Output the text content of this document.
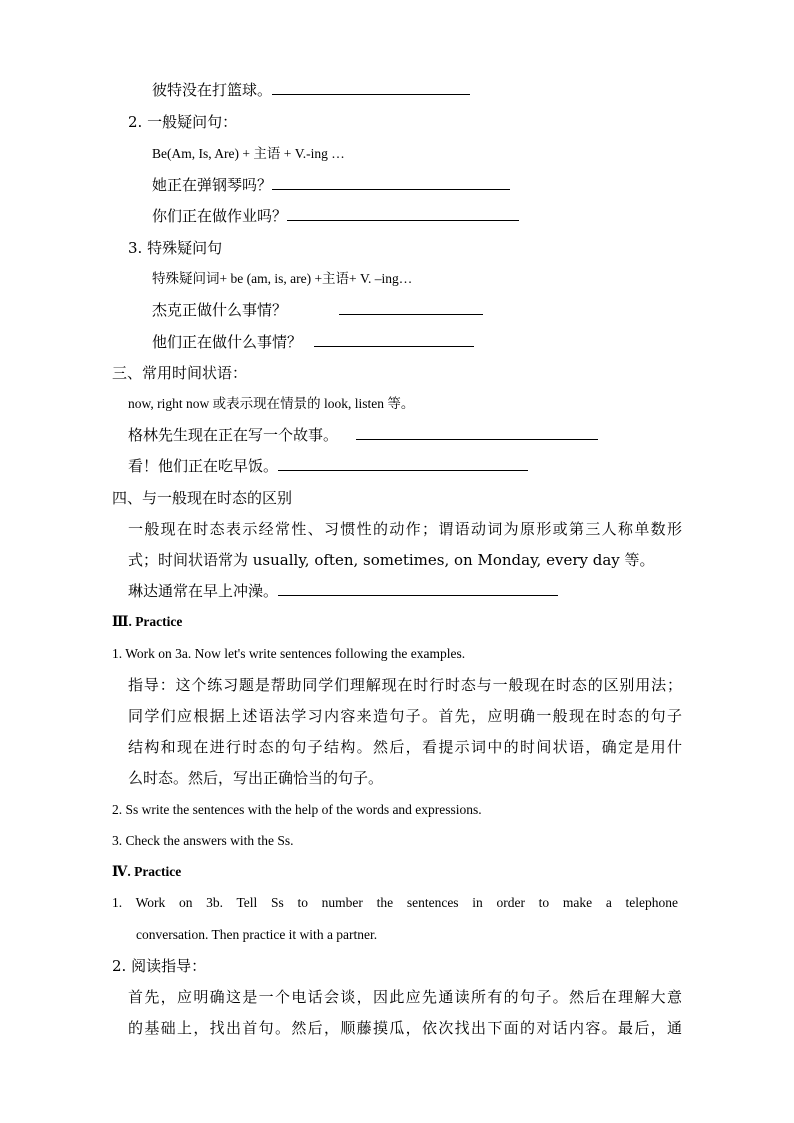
彼特没在打篮球。
2. 一般疑问句：
Be(Am, Is, Are) + 主语 + V.-ing …
她正在弹钢琴吗？
你们正在做作业吗？
3. 特殊疑问句
特殊疑问词+ be (am, is, are) +主语+ V. –ing…
杰克正做什么事情？
他们正在做什么事情？
三、常用时间状语：
now, right now 或表示现在情景的 look, listen 等。
格林先生现在正在写一个故事。
看！他们正在吃早饭。
四、与一般现在时态的区别
一般现在时态表示经常性、习惯性的动作；谓语动词为原形或第三人称单数形
式；时间状语常为 usually, often, sometimes, on Monday, every day 等。
琳达通常在早上冲澡。
Ⅲ. Practice
1. Work on 3a. Now let's write sentences following the examples.
指导：这个练习题是帮助同学们理解现在时行时态与一般现在时态的区别用法；
同学们应根据上述语法学习内容来造句子。首先，应明确一般现在时态的句子
结构和现在进行时态的句子结构。然后，看提示词中的时间状语，确定是用什
么时态。然后，写出正确恰当的句子。
2. Ss write the sentences with the help of the words and expressions.
3. Check the answers with the Ss.
Ⅳ. Practice
1. Work on 3b. Tell Ss to number the sentences in order to make a telephone
conversation. Then practice it with a partner.
2. 阅读指导：
首先，应明确这是一个电话会谈，因此应先通读所有的句子。然后在理解大意
的基础上，找出首句。然后，顺藤摸瓜，依次找出下面的对话内容。最后，通
